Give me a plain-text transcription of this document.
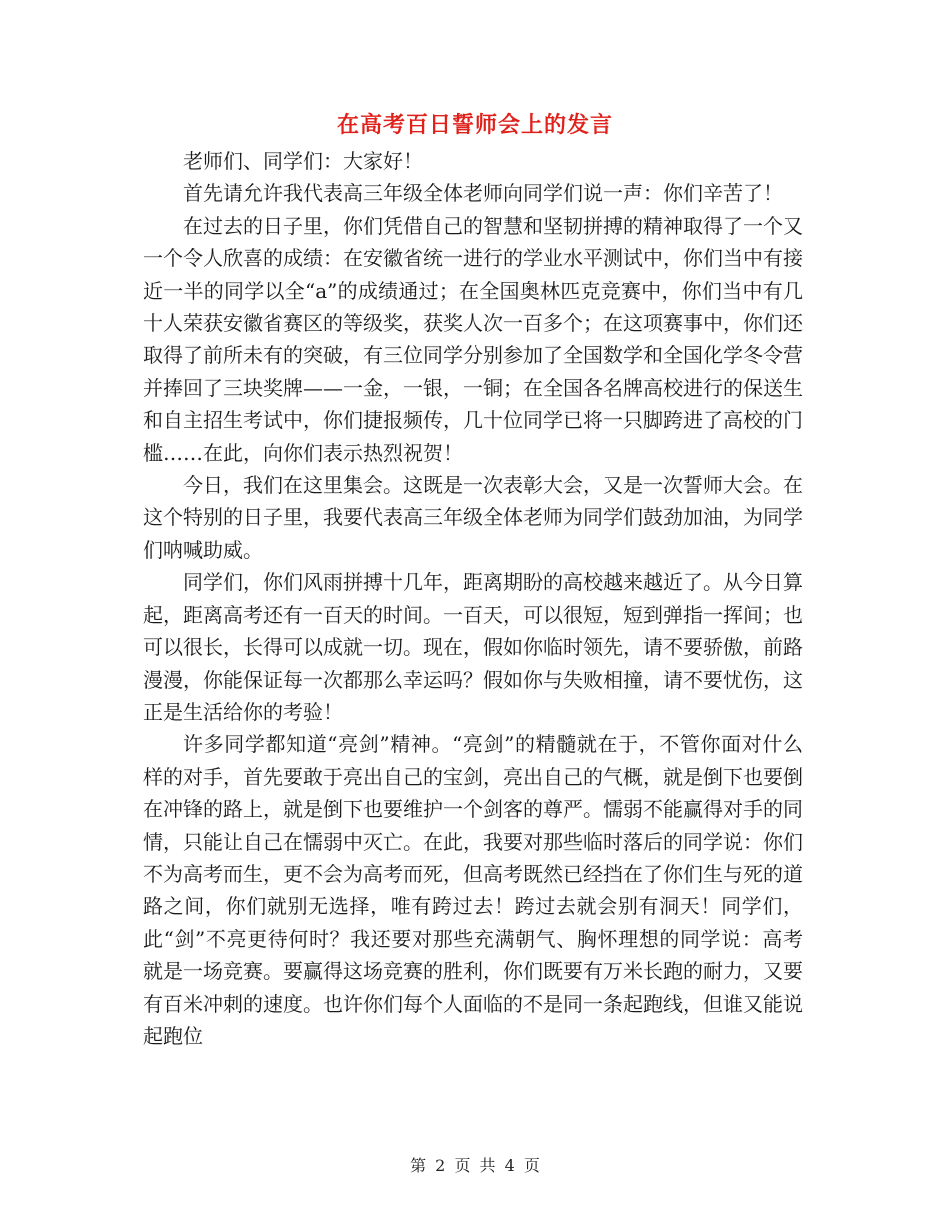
在高考百日誓师会上的发言

老师们、同学们：大家好！

首先请允许我代表高三年级全体老师向同学们说一声：你们辛苦了！

在过去的日子里，你们凭借自己的智慧和坚韧拼搏的精神取得了一个又一个令人欣喜的成绩：在安徽省统一进行的学业水平测试中，你们当中有接近一半的同学以全“a”的成绩通过；在全国奥林匹克竞赛中，你们当中有几十人荣获安徽省赛区的等级奖，获奖人次一百多个；在这项赛事中，你们还取得了前所未有的突破，有三位同学分别参加了全国数学和全国化学冬令营并捧回了三块奖牌——一金，一银，一铜；在全国各名牌高校进行的保送生和自主招生考试中，你们捷报频传，几十位同学已将一只脚跨进了高校的门槛……在此，向你们表示热烈祝贺！

今日，我们在这里集会。这既是一次表彰大会，又是一次誓师大会。在这个特别的日子里，我要代表高三年级全体老师为同学们鼓劲加油，为同学们呐喊助威。

同学们，你们风雨拼搏十几年，距离期盼的高校越来越近了。从今日算起，距离高考还有一百天的时间。一百天，可以很短，短到弹指一挥间；也可以很长，长得可以成就一切。现在，假如你临时领先，请不要骄傲，前路漫漫，你能保证每一次都那么幸运吗？假如你与失败相撞，请不要忧伤，这正是生活给你的考验！

许多同学都知道“亮剑”精神。“亮剑”的精髓就在于，不管你面对什么样的对手，首先要敢于亮出自己的宝剑，亮出自己的气概，就是倒下也要倒在冲锋的路上，就是倒下也要维护一个剑客的尊严。懦弱不能赢得对手的同情，只能让自己在懦弱中灭亡。在此，我要对那些临时落后的同学说：你们不为高考而生，更不会为高考而死，但高考既然已经挡在了你们生与死的道路之间，你们就别无选择，唯有跨过去！跨过去就会别有洞天！同学们，此“剑”不亮更待何时？我还要对那些充满朝气、胸怀理想的同学说：高考就是一场竞赛。要赢得这场竞赛的胜利，你们既要有万米长跑的耐力，又要有百米冲刺的速度。也许你们每个人面临的不是同一条起跑线，但谁又能说起跑位

第 2 页 共 4 页
